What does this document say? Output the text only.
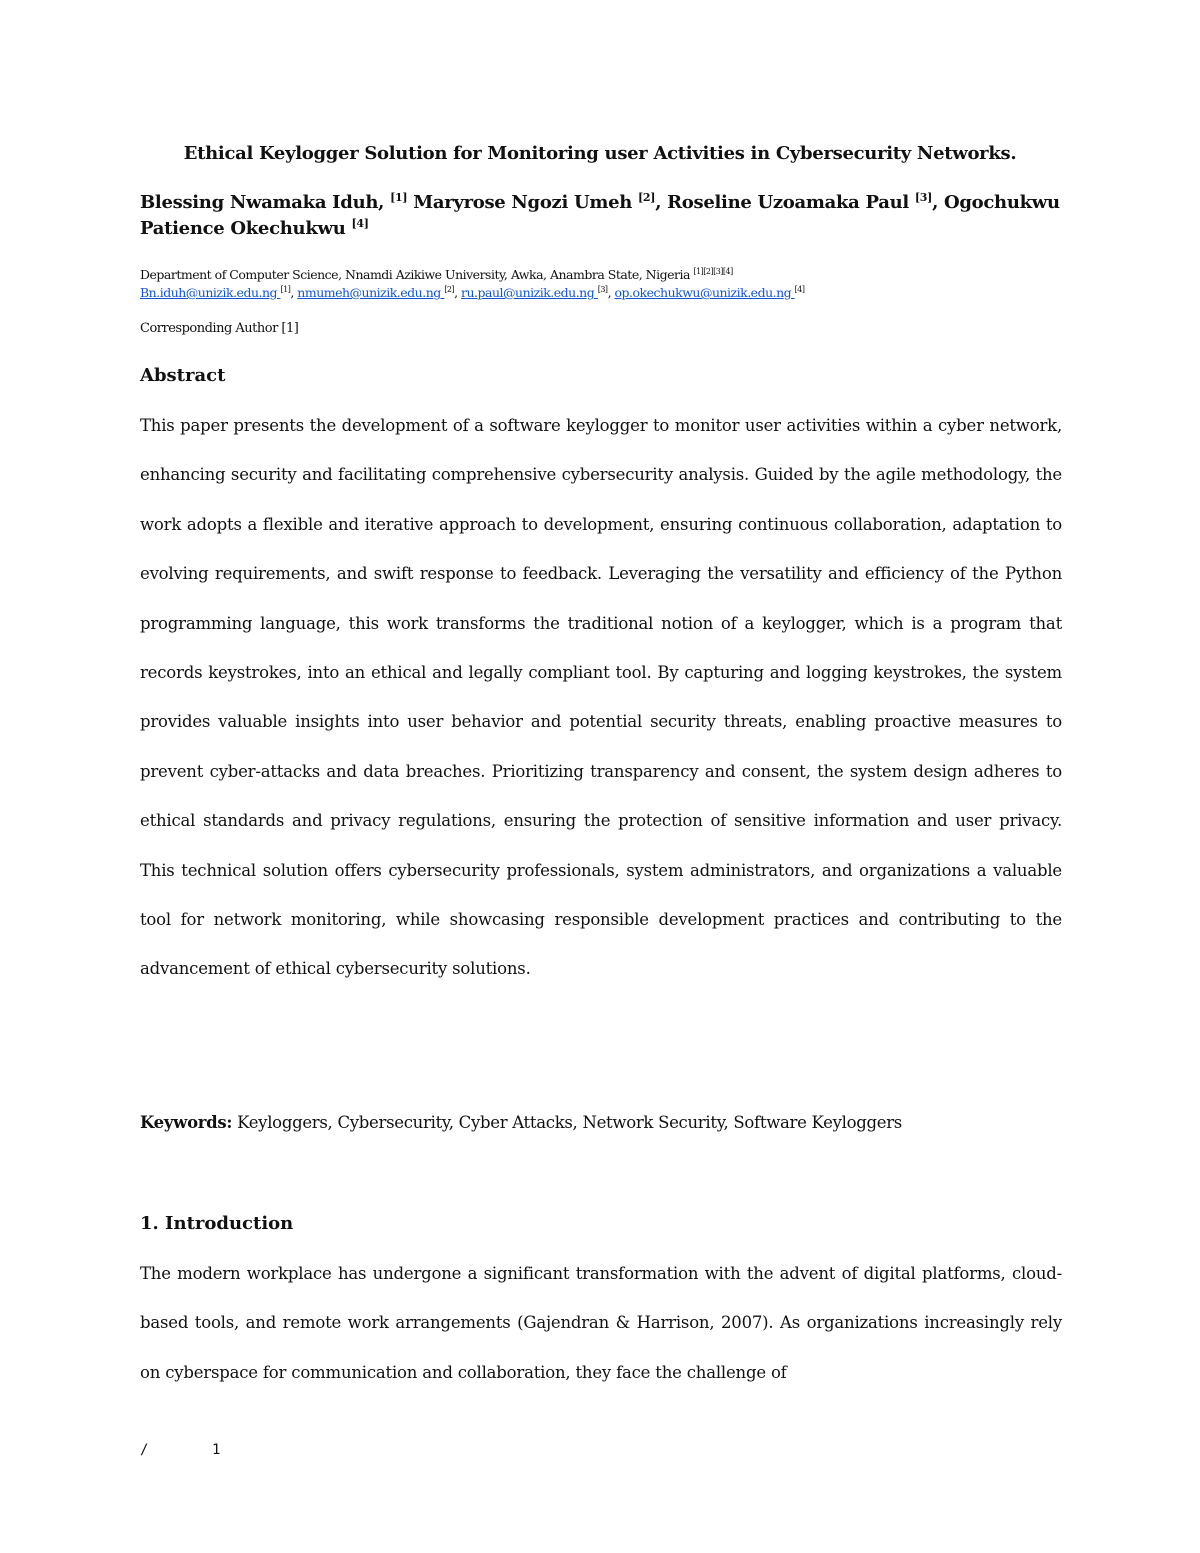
Ethical Keylogger Solution for Monitoring user Activities in Cybersecurity Networks.
Blessing Nwamaka Iduh, [1] Maryrose Ngozi Umeh [2], Roseline Uzoamaka Paul [3], Ogochukwu Patience Okechukwu [4]
Department of Computer Science, Nnamdi Azikiwe University, Awka, Anambra State, Nigeria [1][2][3][4]
Bn.iduh@unizik.edu.ng [1], nmumeh@unizik.edu.ng [2], ru.paul@unizik.edu.ng [3], op.okechukwu@unizik.edu.ng [4]
Corresponding Author [1]
Abstract
This paper presents the development of a software keylogger to monitor user activities within a cyber network, enhancing security and facilitating comprehensive cybersecurity analysis. Guided by the agile methodology, the work adopts a flexible and iterative approach to development, ensuring continuous collaboration, adaptation to evolving requirements, and swift response to feedback. Leveraging the versatility and efficiency of the Python programming language, this work transforms the traditional notion of a keylogger, which is a program that records keystrokes, into an ethical and legally compliant tool. By capturing and logging keystrokes, the system provides valuable insights into user behavior and potential security threats, enabling proactive measures to prevent cyber-attacks and data breaches. Prioritizing transparency and consent, the system design adheres to ethical standards and privacy regulations, ensuring the protection of sensitive information and user privacy. This technical solution offers cybersecurity professionals, system administrators, and organizations a valuable tool for network monitoring, while showcasing responsible development practices and contributing to the advancement of ethical cybersecurity solutions.
Keywords: Keyloggers, Cybersecurity, Cyber Attacks, Network Security, Software Keyloggers
1. Introduction
The modern workplace has undergone a significant transformation with the advent of digital platforms, cloud-based tools, and remote work arrangements (Gajendran & Harrison, 2007). As organizations increasingly rely on cyberspace for communication and collaboration, they face the challenge of
/	1
